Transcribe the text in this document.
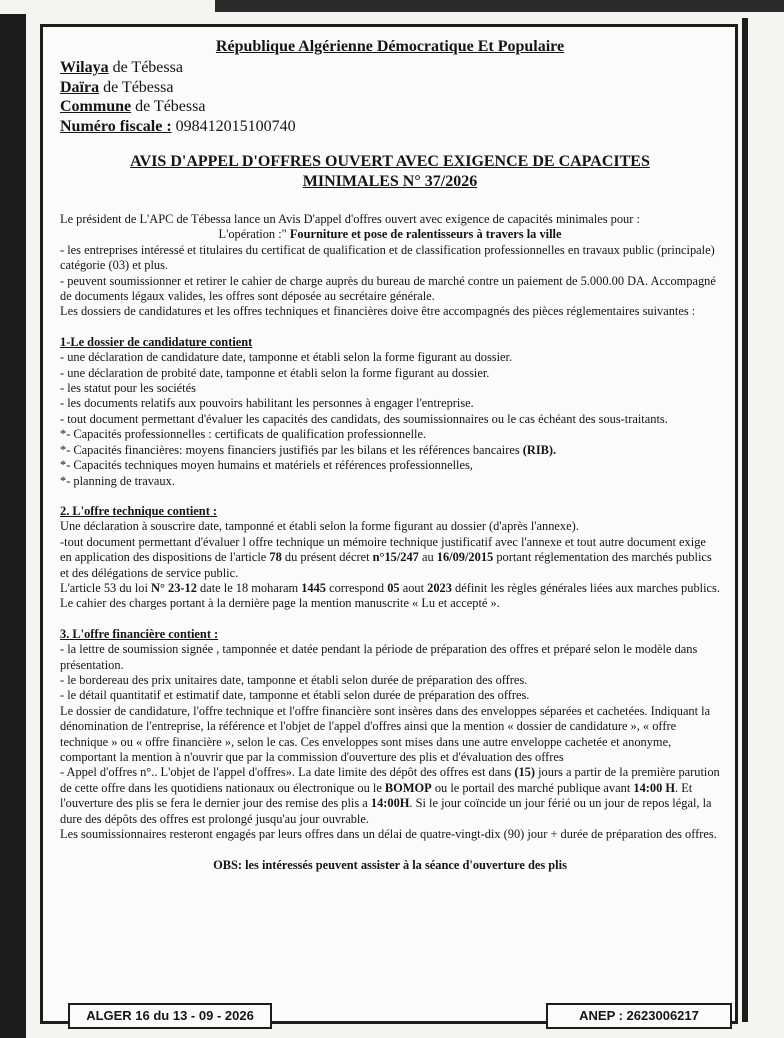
République Algérienne Démocratique Et Populaire
Wilaya de Tébessa
Daïra de Tébessa
Commune de Tébessa
Numéro fiscale : 098412015100740
AVIS D'APPEL D'OFFRES OUVERT AVEC EXIGENCE DE CAPACITES
MINIMALES N° 37/2026

Le président de L'APC de Tébessa lance un Avis D'appel d'offres ouvert avec exigence de capacités minimales pour :

L'opération :" Fourniture et pose de ralentisseurs à travers la ville

- les entreprises intéressé et titulaires du certificat de qualification et de classification professionnelles en travaux public (principale) catégorie (03) et plus.

- peuvent soumissionner et retirer le cahier de charge auprès du bureau de marché contre un paiement de 5.000.00 DA. Accompagné de documents légaux valides, les offres sont déposée au secrétaire générale.

Les dossiers de candidatures et les offres techniques et financières doive être accompagnés des pièces réglementaires suivantes :

1-Le dossier de candidature contient

- une déclaration de candidature date, tamponne et établi selon la forme figurant au dossier.

- une déclaration de probité date, tamponne et établi selon la forme figurant au dossier.

- les statut pour les sociétés

- les documents relatifs aux pouvoirs habilitant les personnes à engager l'entreprise.

- tout document permettant d'évaluer les capacités des candidats, des soumissionnaires ou le cas échéant des sous-traitants.

*- Capacités professionnelles : certificats de qualification professionnelle.

*- Capacités financières: moyens financiers justifiés par les bilans et les références bancaires (RIB).

*- Capacités techniques moyen humains et matériels et références professionnelles,

*- planning de travaux.

2. L'offre technique contient :

Une déclaration à souscrire date, tamponné et établi selon la forme figurant au dossier (d'après l'annexe).

-tout document permettant d'évaluer l offre technique un mémoire technique justificatif avec l'annexe et tout autre document exige en application des dispositions de l'article 78 du présent décret n°15/247 au 16/09/2015 portant réglementation des marchés publics et des délégations de service public.

L'article 53 du loi N° 23-12 date le 18 moharam 1445 correspond 05 aout 2023 définit les règles générales liées aux marches publics.

Le cahier des charges portant à la dernière page la mention manuscrite « Lu et accepté ».

3. L'offre financière contient :

- la lettre de soumission signée , tamponnée et datée pendant la période de préparation des offres et préparé selon le modèle dans présentation.

- le bordereau des prix unitaires date, tamponne et établi selon durée de préparation des offres.

- le détail quantitatif et estimatif date, tamponne et établi selon durée de préparation des offres.

Le dossier de candidature, l'offre technique et l'offre financière sont insères dans des enveloppes séparées et cachetées. Indiquant la dénomination de l'entreprise, la référence et l'objet de l'appel d'offres ainsi que la mention « dossier de candidature », « offre technique » ou « offre financière », selon le cas. Ces enveloppes sont mises dans une autre enveloppe cachetée et anonyme, comportant la mention à n'ouvrir que par la commission d'ouverture des plis et d'évaluation des offres

- Appel d'offres n°.. L'objet de l'appel d'offres». La date limite des dépôt des offres est dans (15) jours a partir de la première parution de cette offre dans les quotidiens nationaux ou électronique ou le BOMOP ou le portail des marché publique avant 14:00 H. Et l'ouverture des plis se fera le dernier jour des remise des plis a 14:00H. Si le jour coïncide un jour férié ou un jour de repos légal, la dure des dépôts des offres est prolongé jusqu'au jour ouvrable.

Les soumissionnaires resteront engagés par leurs offres dans un délai de quatre-vingt-dix (90) jour + durée de préparation des offres.

OBS: les intéressés peuvent assister à la séance d'ouverture des plis
ALGER 16 du 13 - 09 - 2026	ANEP : 2623006217
